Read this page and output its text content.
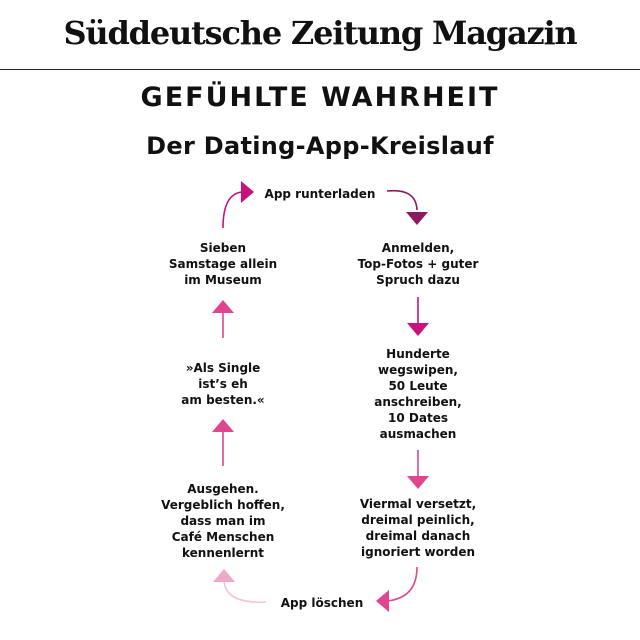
Süddeutsche Zeitung Magazin
GEFÜHLTE WAHRHEIT
Der Dating-App-Kreislauf
App runterladen
Anmelden,
Top-Fotos + guter
Spruch dazu
Hunderte
wegswipen,
50 Leute
anschreiben,
10 Dates
ausmachen
Viermal versetzt,
dreimal peinlich,
dreimal danach
ignoriert worden
App löschen
Ausgehen.
Vergeblich hoffen,
dass man im
Café Menschen
kennenlernt
»Als Single
ist’s eh
am besten.«
Sieben
Samstage allein
im Museum
